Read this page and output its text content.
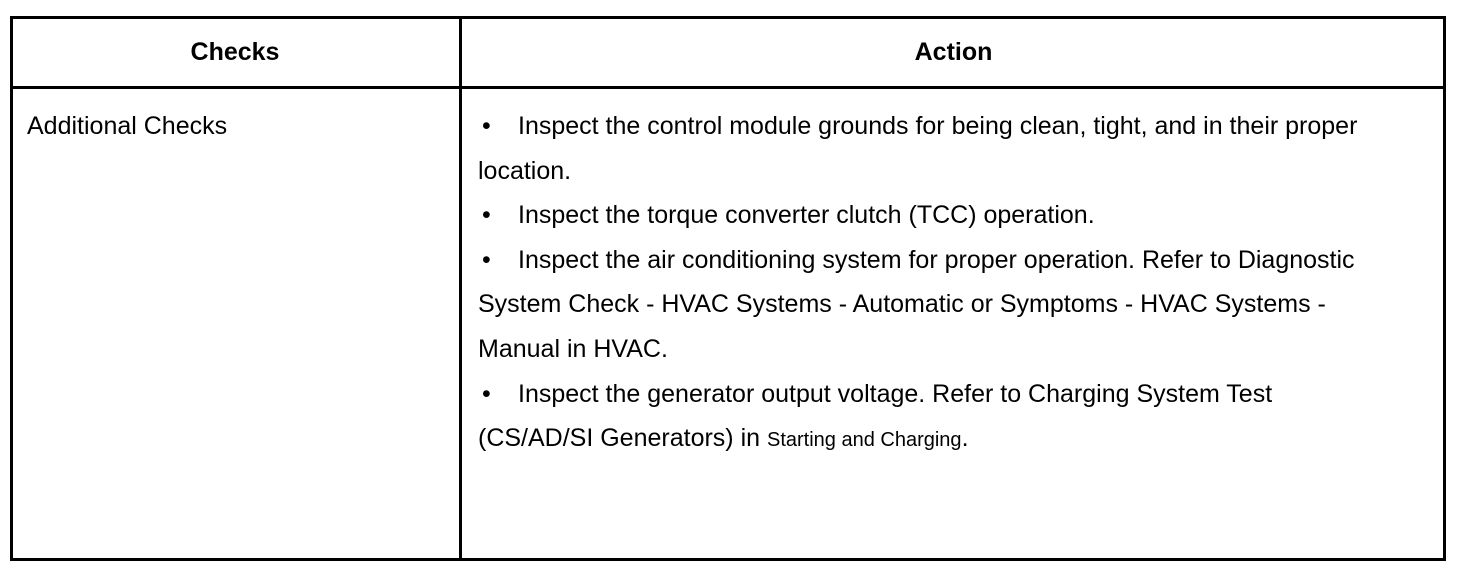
Checks	Action
Additional Checks	• Inspect the control module grounds for being clean, tight, and in their proper location.

• Inspect the torque converter clutch (TCC) operation.

• Inspect the air conditioning system for proper operation. Refer to Diagnostic System Check - HVAC Systems - Automatic or Symptoms - HVAC Systems - Manual in HVAC.

• Inspect the generator output voltage. Refer to Charging System Test (CS/AD/SI Generators) in Starting and Charging.
